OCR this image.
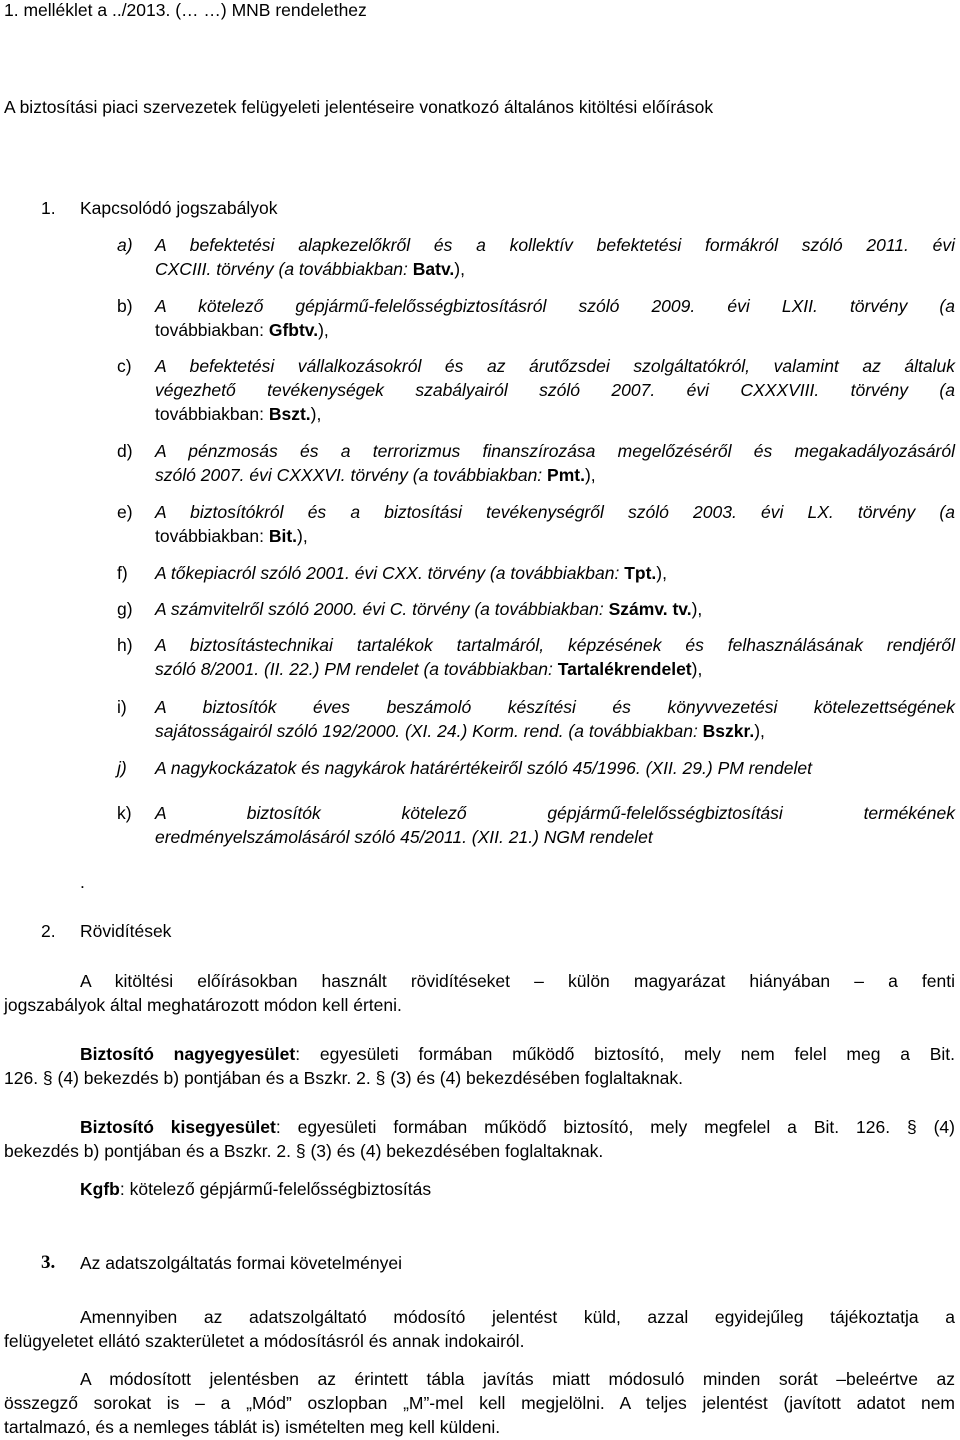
1. melléklet a ../2013. (… …) MNB rendelethez
A biztosítási piaci szervezetek felügyeleti jelentéseire vonatkozó általános kitöltési előírások
1. Kapcsolódó jogszabályok
a) A befektetési alapkezelőkről és a kollektív befektetési formákról szóló 2011. évi
CXCIII. törvény (a továbbiakban: Batv.),
b) A kötelező gépjármű-felelősségbiztosításról szóló 2009. évi LXII. törvény (a
továbbiakban: Gfbtv.),
c) A befektetési vállalkozásokról és az árutőzsdei szolgáltatókról, valamint az általuk
végezhető tevékenységek szabályairól szóló 2007. évi CXXXVIII. törvény (a
továbbiakban: Bszt.),
d) A pénzmosás és a terrorizmus finanszírozása megelőzéséről és megakadályozásáról
szóló 2007. évi CXXXVI. törvény (a továbbiakban: Pmt.),
e) A biztosítókról és a biztosítási tevékenységről szóló 2003. évi LX. törvény (a
továbbiakban: Bit.),
f) A tőkepiacról szóló 2001. évi CXX. törvény (a továbbiakban: Tpt.),
g) A számvitelről szóló 2000. évi C. törvény (a továbbiakban: Számv. tv.),
h) A biztosítástechnikai tartalékok tartalmáról, képzésének és felhasználásának rendjéről
szóló 8/2001. (II. 22.) PM rendelet (a továbbiakban: Tartalékrendelet),
i) A biztosítók éves beszámoló készítési és könyvvezetési kötelezettségének
sajátosságairól szóló 192/2000. (XI. 24.) Korm. rend. (a továbbiakban: Bszkr.),
j) A nagykockázatok és nagykárok határértékeiről szóló 45/1996. (XII. 29.) PM rendelet
k) A biztosítók kötelező gépjármű-felelősségbiztosítási termékének
eredményelszámolásáról szóló 45/2011. (XII. 21.) NGM rendelet
.
2. Rövidítések
A kitöltési előírásokban használt rövidítéseket – külön magyarázat hiányában – a fenti
jogszabályok által meghatározott módon kell érteni.
Biztosító nagyegyesület: egyesületi formában működő biztosító, mely nem felel meg a Bit.
126. § (4) bekezdés b) pontjában és a Bszkr. 2. § (3) és (4) bekezdésében foglaltaknak.
Biztosító kisegyesület: egyesületi formában működő biztosító, mely megfelel a Bit. 126. § (4)
bekezdés b) pontjában és a Bszkr. 2. § (3) és (4) bekezdésében foglaltaknak.
Kgfb: kötelező gépjármű-felelősségbiztosítás
3. Az adatszolgáltatás formai követelményei
Amennyiben az adatszolgáltató módosító jelentést küld, azzal egyidejűleg tájékoztatja a
felügyeletet ellátó szakterületet a módosításról és annak indokairól.
A módosított jelentésben az érintett tábla javítás miatt módosuló minden sorát –beleértve az
összegző sorokat is – a „Mód” oszlopban „M”-mel kell megjelölni. A teljes jelentést (javított adatot nem
tartalmazó, és a nemleges táblát is) ismételten meg kell küldeni.
